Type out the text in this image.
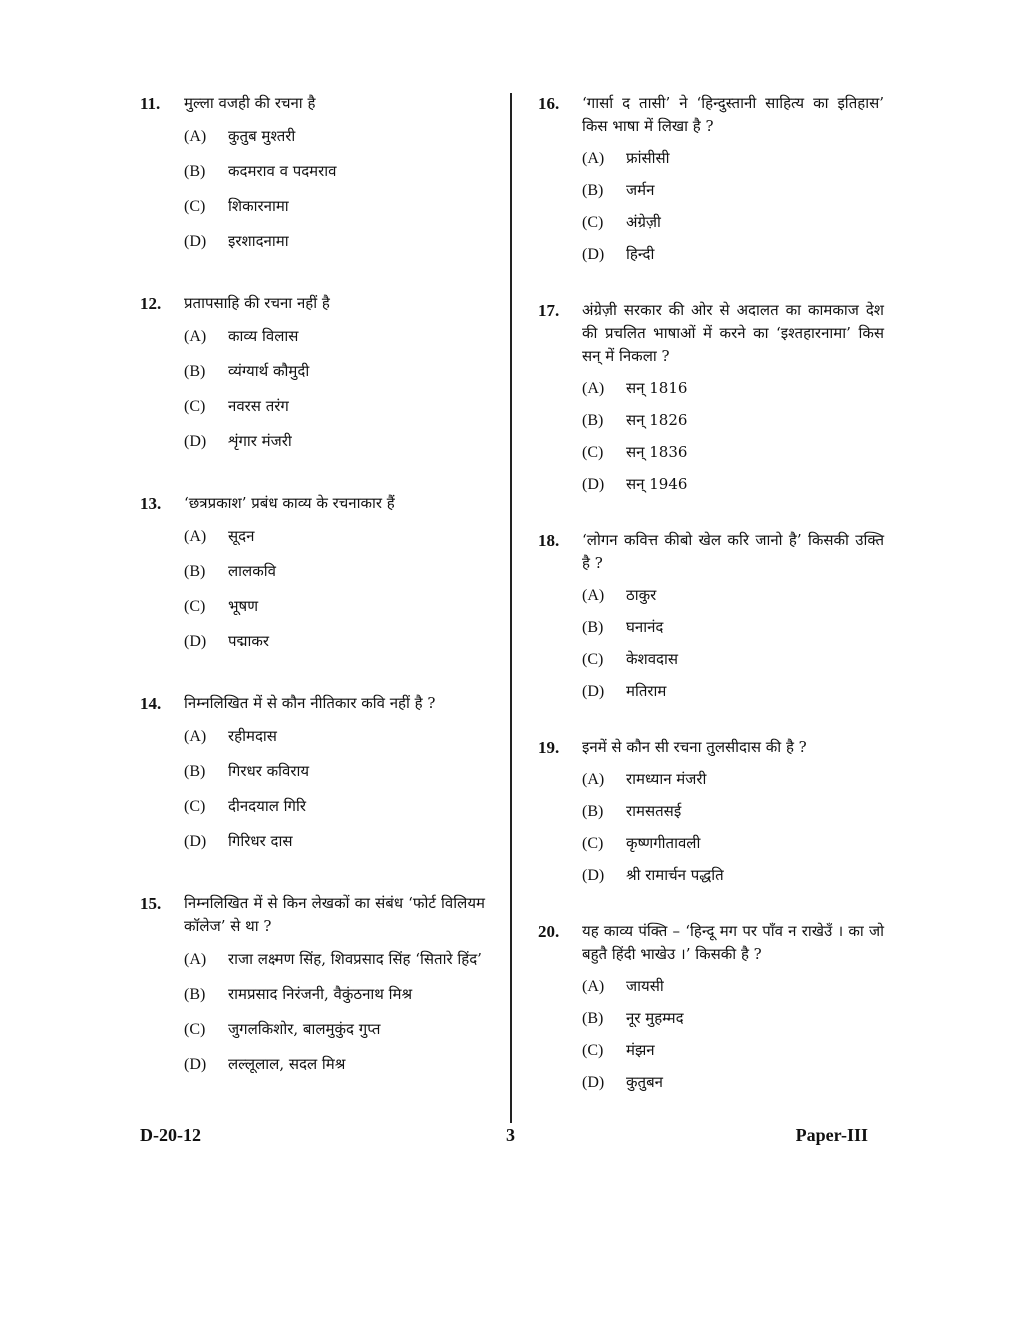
11. मुल्ला वजही की रचना है
(A) कुतुब मुश्तरी
(B) कदमराव व पदमराव
(C) शिकारनामा
(D) इरशादनामा
12. प्रतापसाहि की रचना नहीं है
(A) काव्य विलास
(B) व्यंग्यार्थ कौमुदी
(C) नवरस तरंग
(D) शृंगार मंजरी
13. ‘छत्रप्रकाश’ प्रबंध काव्य के रचनाकार हैं
(A) सूदन
(B) लालकवि
(C) भूषण
(D) पद्माकर
14. निम्नलिखित में से कौन नीतिकार कवि नहीं है ?
(A) रहीमदास
(B) गिरधर कविराय
(C) दीनदयाल गिरि
(D) गिरिधर दास
15. निम्नलिखित में से किन लेखकों का संबंध ‘फोर्ट विलियम कॉलेज’ से था ?
(A) राजा लक्ष्मण सिंह, शिवप्रसाद सिंह ‘सितारे हिंद’
(B) रामप्रसाद निरंजनी, वैकुंठनाथ मिश्र
(C) जुगलकिशोर, बालमुकुंद गुप्त
(D) लल्लूलाल, सदल मिश्र
16. ‘गार्सा द तासी’ ने ‘हिन्दुस्तानी साहित्य का इतिहास’ किस भाषा में लिखा है ?
(A) फ्रांसीसी
(B) जर्मन
(C) अंग्रेज़ी
(D) हिन्दी
17. अंग्रेज़ी सरकार की ओर से अदालत का कामकाज देश की प्रचलित भाषाओं में करने का ‘इश्तहारनामा’ किस सन् में निकला ?
(A) सन् 1816
(B) सन् 1826
(C) सन् 1836
(D) सन् 1946
18. ‘लोगन कवित्त कीबो खेल करि जानो है’ किसकी उक्ति है ?
(A) ठाकुर
(B) घनानंद
(C) केशवदास
(D) मतिराम
19. इनमें से कौन सी रचना तुलसीदास की है ?
(A) रामध्यान मंजरी
(B) रामसतसई
(C) कृष्णगीतावली
(D) श्री रामार्चन पद्धति
20. यह काव्य पंक्ति – ‘हिन्दू मग पर पाँव न राखेउँ । का जो बहुतै हिंदी भाखेउ ।’ किसकी है ?
(A) जायसी
(B) नूर मुहम्मद
(C) मंझन
(D) कुतुबन
D-20-12	3	Paper-III
